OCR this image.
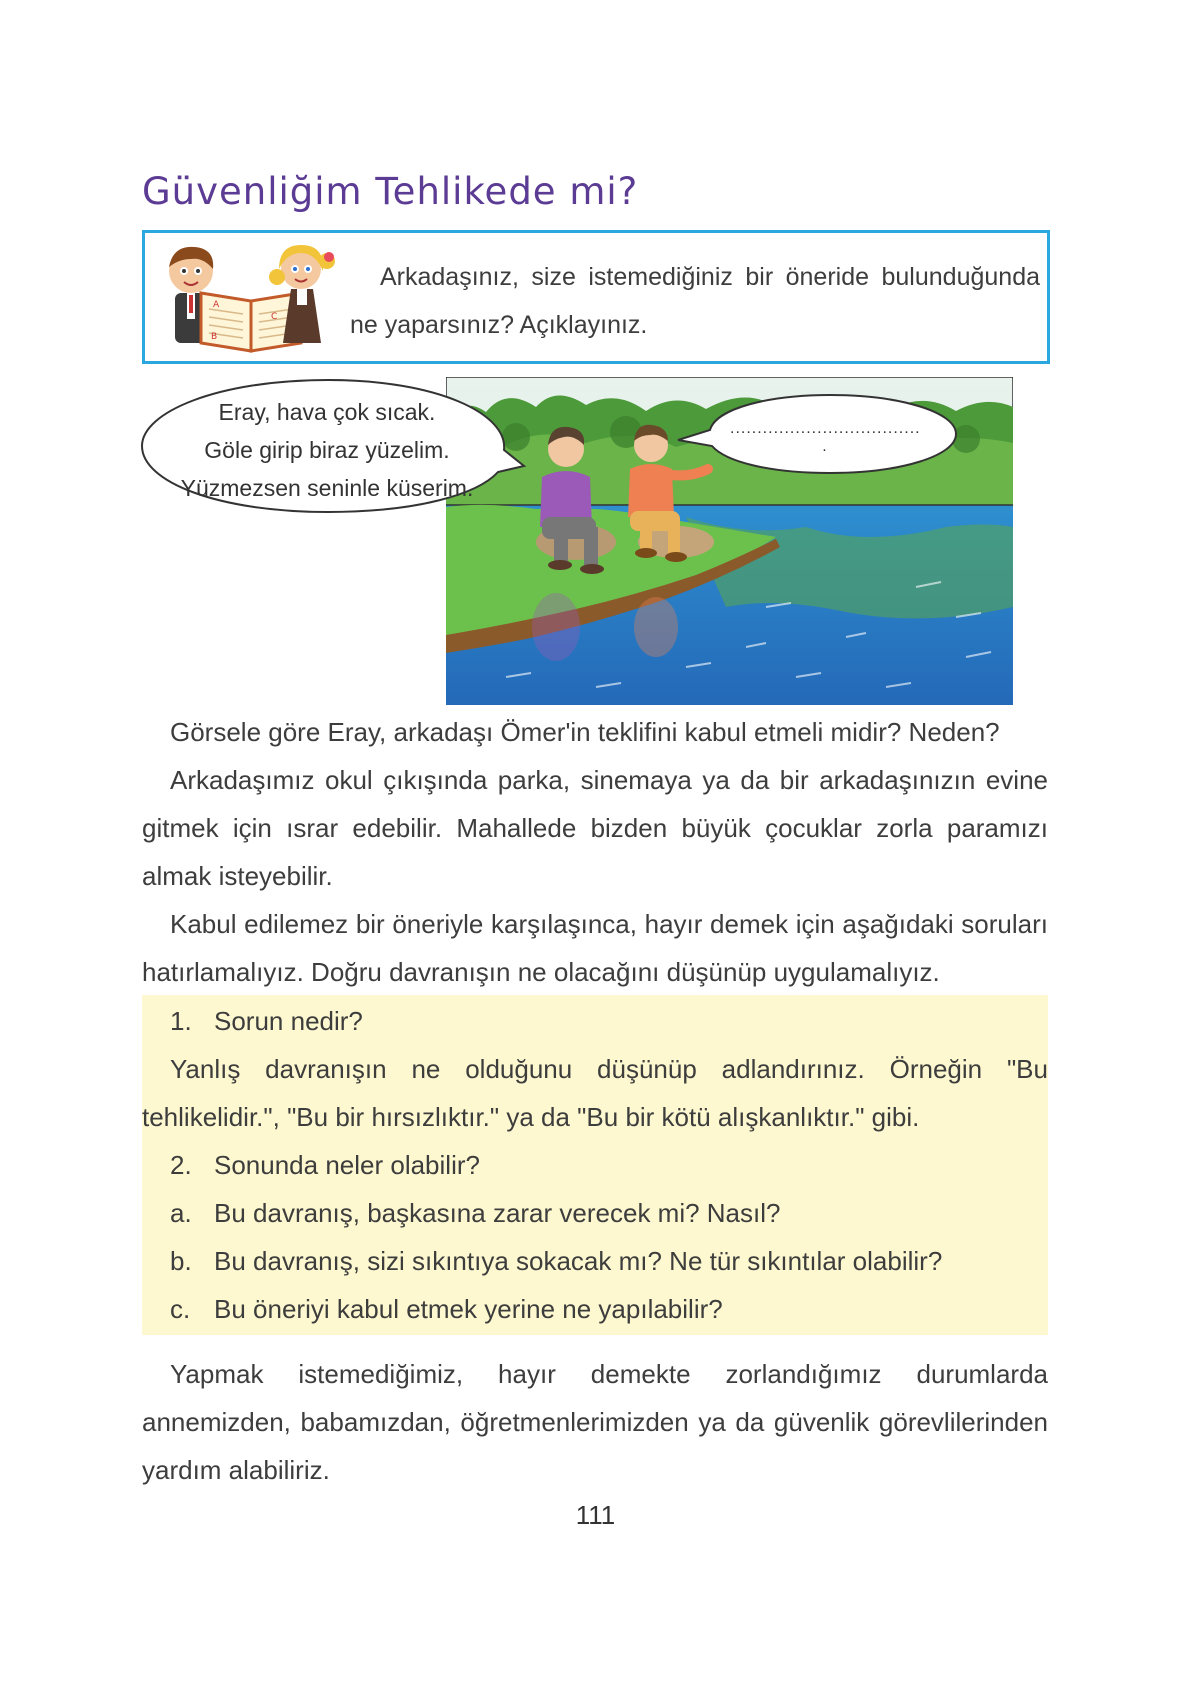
Güvenliğim Tehlikede mi?
A
B
C
Arkadaşınız, size istemediğiniz bir öneride bulunduğunda ne yaparsınız? Açıklayınız.
Eray, hava çok sıcak.
Göle girip biraz yüzelim.
Yüzmezsen seninle küserim.
................................... .
Görsele göre Eray, arkadaşı Ömer'in teklifini kabul etmeli midir? Neden?
Arkadaşımız okul çıkışında parka, sinemaya ya da bir arkadaşınızın evine gitmek için ısrar edebilir. Mahallede bizden büyük çocuklar zorla paramızı almak isteyebilir.
Kabul edilemez bir öneriyle karşılaşınca, hayır demek için aşağıdaki soruları hatırlamalıyız. Doğru davranışın ne olacağını düşünüp uygulamalıyız.
1. Sorun nedir?
Yanlış davranışın ne olduğunu düşünüp adlandırınız. Örneğin "Bu tehlikelidir.", "Bu bir hırsızlıktır." ya da "Bu bir kötü alışkanlıktır." gibi.
2. Sonunda neler olabilir?
a. Bu davranış, başkasına zarar verecek mi? Nasıl?
b. Bu davranış, sizi sıkıntıya sokacak mı? Ne tür sıkıntılar olabilir?
c. Bu öneriyi kabul etmek yerine ne yapılabilir?
Yapmak istemediğimiz, hayır demekte zorlandığımız durumlarda annemizden, babamızdan, öğretmenlerimizden ya da güvenlik görevlilerinden yardım alabiliriz.
111
